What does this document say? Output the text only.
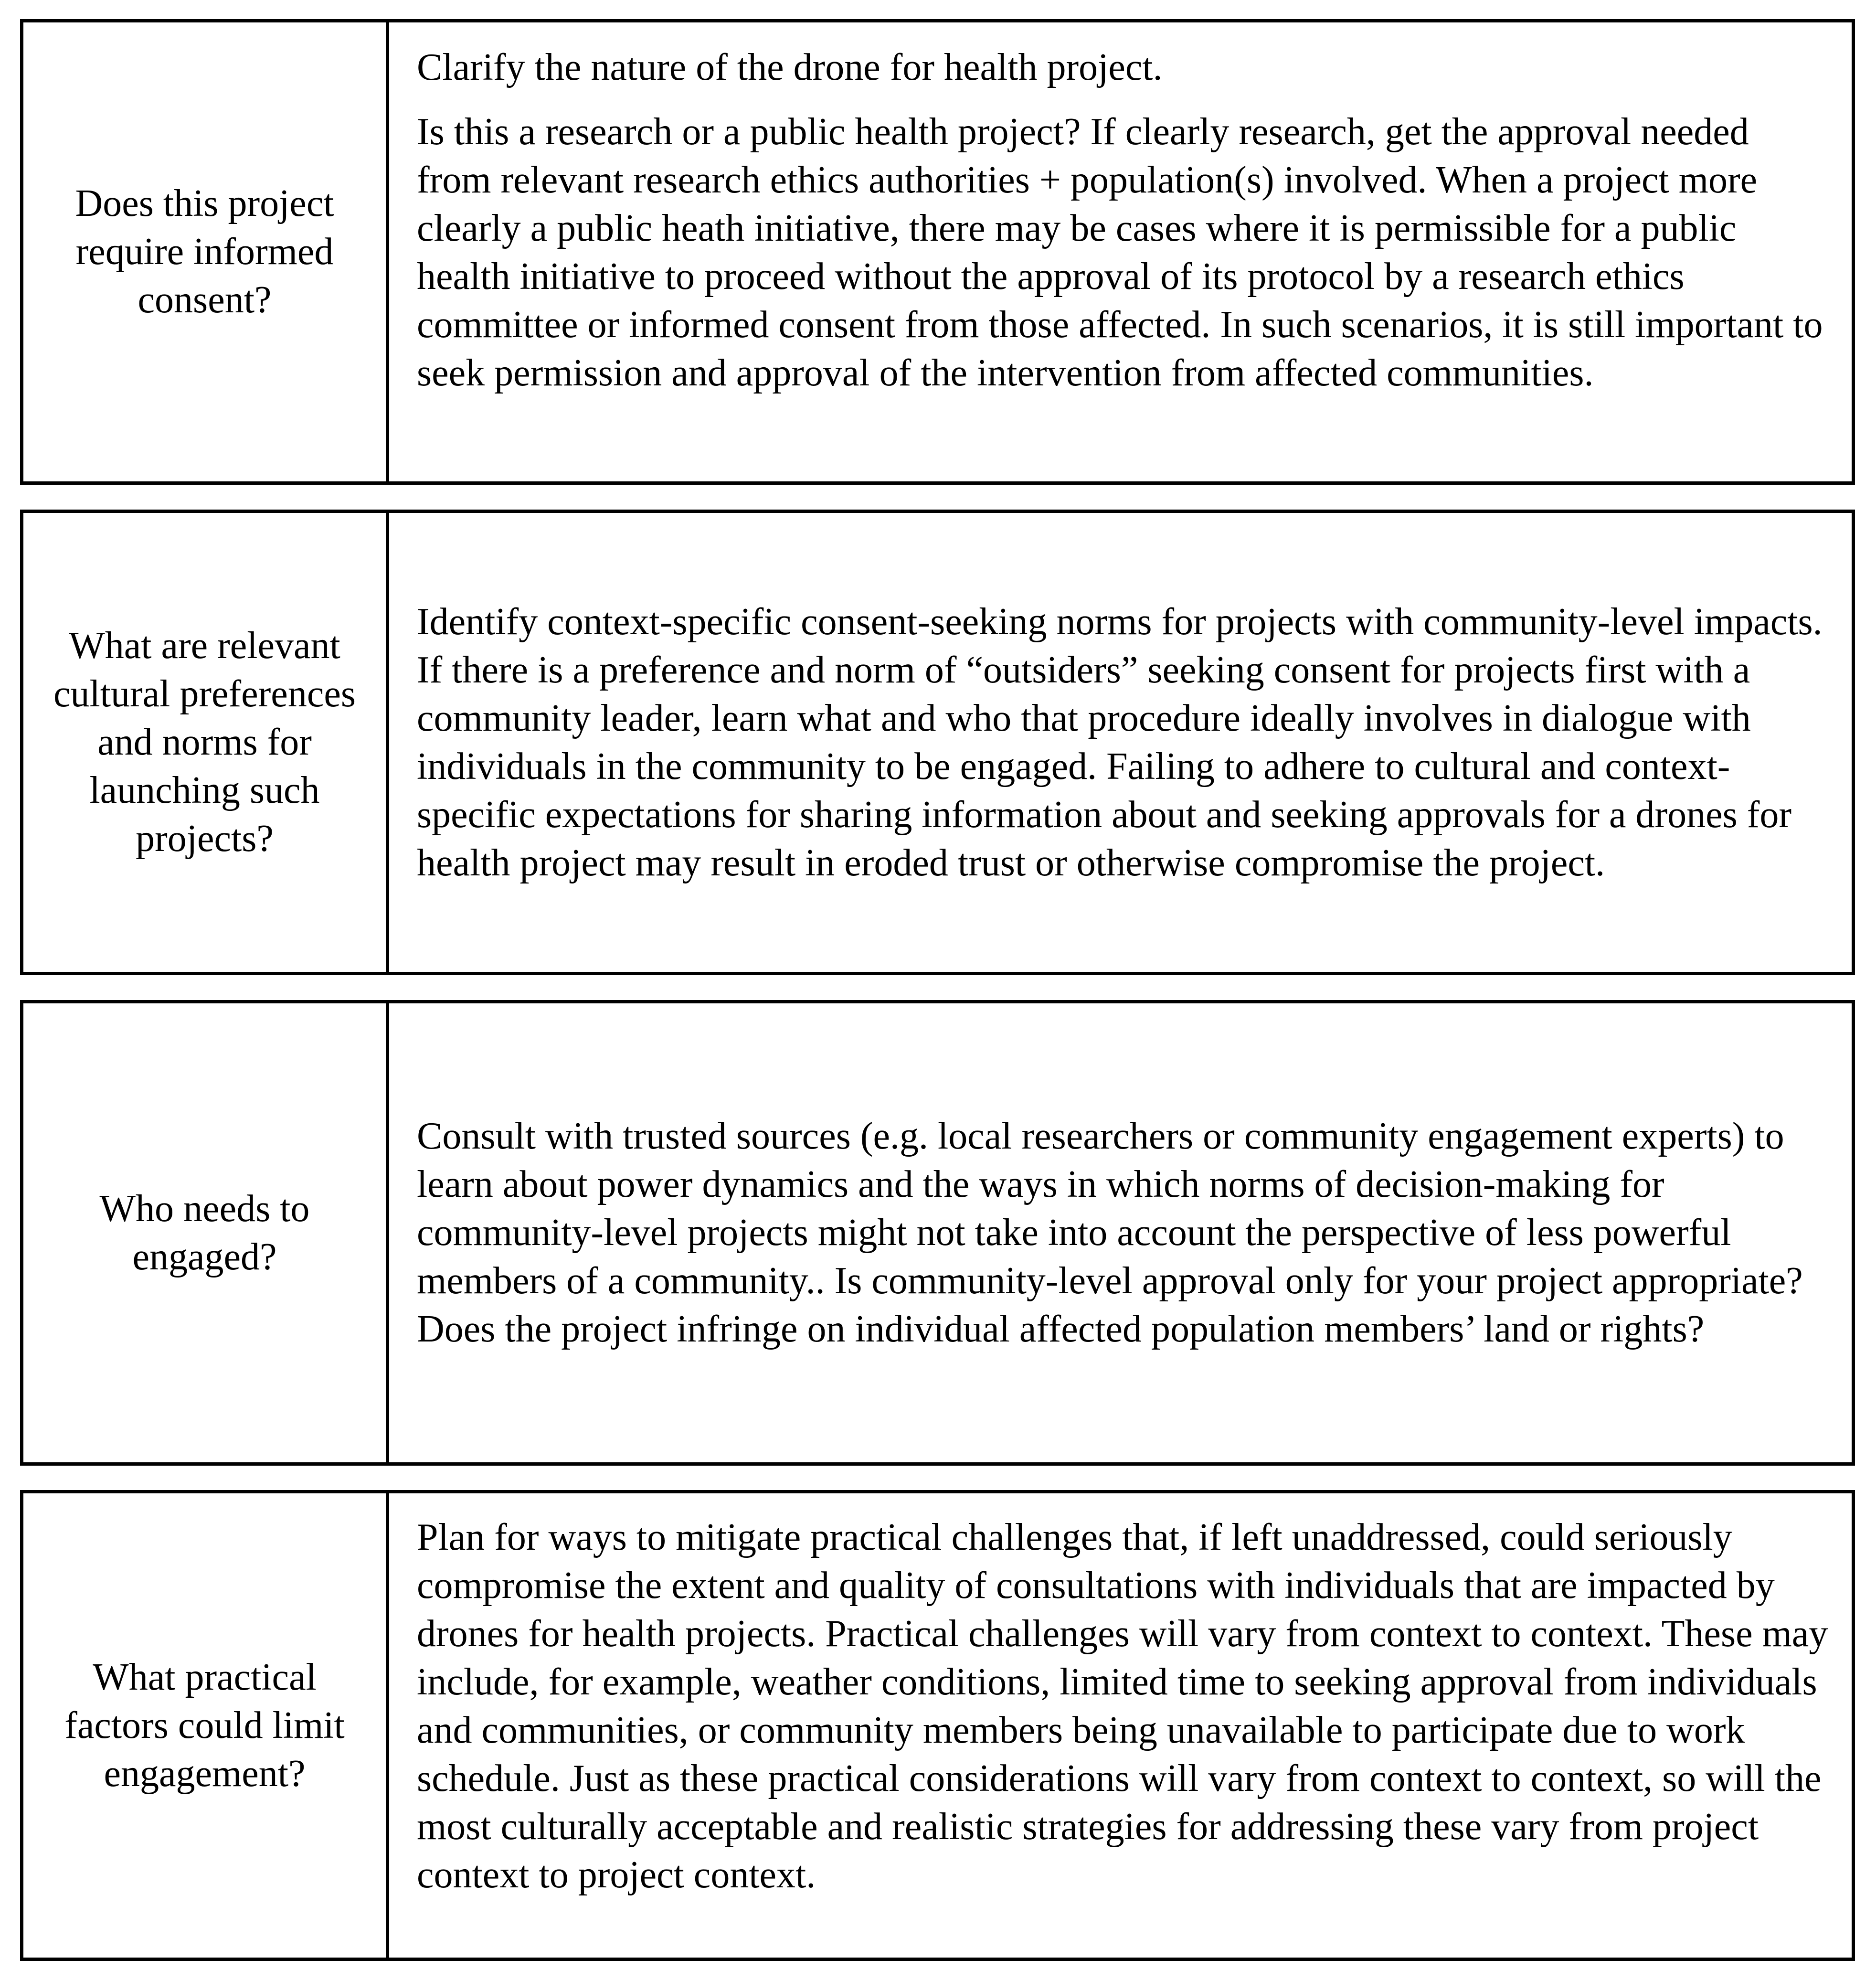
Does this project require informed consent?

Clarify the nature of the drone for health project.

Is this a research or a public health project? If clearly research, get the approval needed from relevant research ethics authorities + population(s) involved. When a project more clearly a public heath initiative, there may be cases where it is permissible for a public health initiative to proceed without the approval of its protocol by a research ethics committee or informed consent from those affected. In such scenarios, it is still important to seek permission and approval of the intervention from affected communities.

What are relevant cultural preferences and norms for launching such projects?

Identify context-specific consent-seeking norms for projects with community-level impacts. If there is a preference and norm of “outsiders” seeking consent for projects first with a community leader, learn what and who that procedure ideally involves in dialogue with individuals in the community to be engaged. Failing to adhere to cultural and context-specific expectations for sharing information about and seeking approvals for a drones for health project may result in eroded trust or otherwise compromise the project.

Who needs to engaged?

Consult with trusted sources (e.g. local researchers or community engagement experts) to learn about power dynamics and the ways in which norms of decision-making for community-level projects might not take into account the perspective of less powerful members of a community.. Is community-level approval only for your project appropriate? Does the project infringe on individual affected population members’ land or rights?

What practical factors could limit engagement?

Plan for ways to mitigate practical challenges that, if left unaddressed, could seriously compromise the extent and quality of consultations with individuals that are impacted by drones for health projects. Practical challenges will vary from context to context. These may include, for example, weather conditions, limited time to seeking approval from individuals and communities, or community members being unavailable to participate due to work schedule. Just as these practical considerations will vary from context to context, so will the most culturally acceptable and realistic strategies for addressing these vary from project context to project context.
